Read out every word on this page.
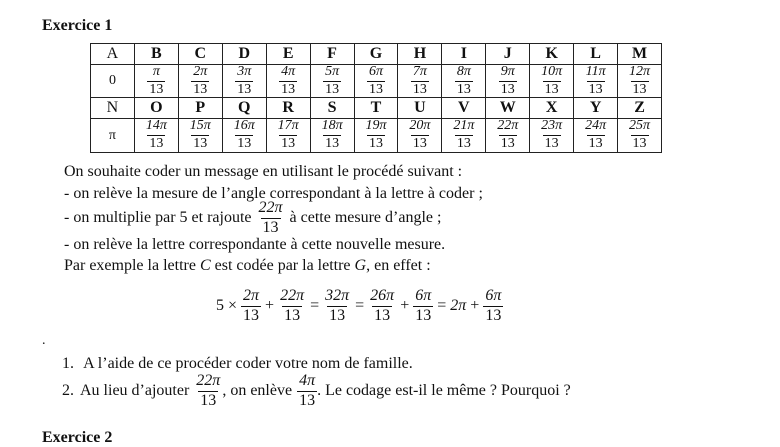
Exercice 1
A	B	C	D	E	F	G	H	I	J	K	L	M
0	$\frac{\pi}{13}$	$\frac{2\pi}{13}$	$\frac{3\pi}{13}$	$\frac{4\pi}{13}$	$\frac{5\pi}{13}$	$\frac{6\pi}{13}$	$\frac{7\pi}{13}$	$\frac{8\pi}{13}$	$\frac{9\pi}{13}$	$\frac{10\pi}{13}$	$\frac{11\pi}{13}$	$\frac{12\pi}{13}$

N	O	P	Q	R	S	T	U	V	W	X	Y	Z
π	$\frac{14\pi}{13}$	$\frac{15\pi}{13}$	$\frac{16\pi}{13}$	$\frac{17\pi}{13}$	$\frac{18\pi}{13}$	$\frac{19\pi}{13}$	$\frac{20\pi}{13}$	$\frac{21\pi}{13}$	$\frac{22\pi}{13}$	$\frac{23\pi}{13}$	$\frac{24\pi}{13}$	$\frac{25\pi}{13}$
On souhaite coder un message en utilisant le procédé suivant :
- on relève la mesure de l’angle correspondant à la lettre à coder ;
- on multiplie par 5 et rajoute $\frac{22\pi}{13}$ à cette mesure d’angle ;
- on relève la lettre correspondante à cette nouvelle mesure.
Par exemple la lettre C est codée par la lettre G, en effet :
$5 \times \frac{2\pi}{13} + \frac{22\pi}{13} = \frac{32\pi}{13} = \frac{26\pi}{13} + \frac{6\pi}{13} = 2\pi + \frac{6\pi}{13}$
.
1. A l’aide de ce procéder coder votre nom de famille.
2. Au lieu d’ajouter $\frac{22\pi}{13}$ , on enlève $\frac{4\pi}{13}$ . Le codage est-il le même ? Pourquoi ?
Exercice 2
